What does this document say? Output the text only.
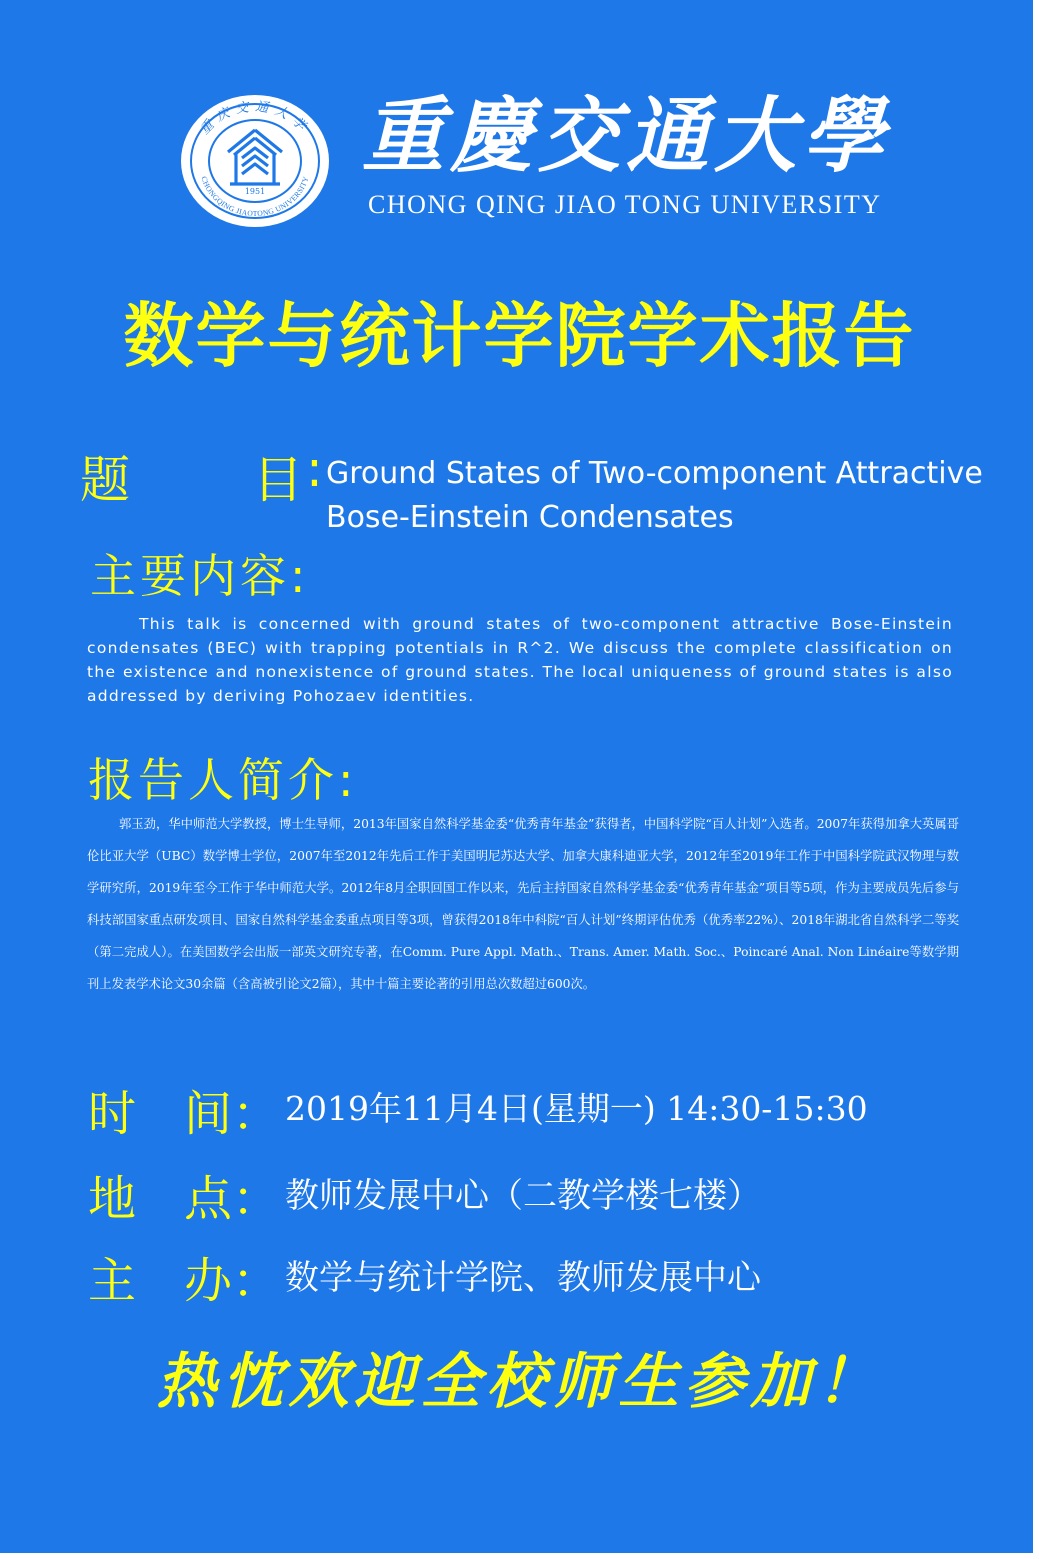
重庆交通大学
CHONGQING JIAOTONG UNIVERSITY
1951
重慶交通大學
CHONG QING JIAO TONG UNIVERSITY
数学与统计学院学术报告
题 目 : Ground States of Two-component Attractive
Bose-Einstein Condensates
主要内容:
This talk is concerned with ground states of two-component attractive Bose-Einstein condensates (BEC) with trapping potentials in R^2. We discuss the complete classification on the existence and nonexistence of ground states. The local uniqueness of ground states is also addressed by deriving Pohozaev identities.
报告人简介:
郭玉劲，华中师范大学教授，博士生导师，2013年国家自然科学基金委“优秀青年基金”获得者，中国科学院“百人计划”入选者。2007年获得加拿大英属哥伦比亚大学（UBC）数学博士学位，2007年至2012年先后工作于美国明尼苏达大学、加拿大康科迪亚大学，2012年至2019年工作于中国科学院武汉物理与数学研究所，2019年至今工作于华中师范大学。2012年8月全职回国工作以来，先后主持国家自然科学基金委“优秀青年基金”项目等5项，作为主要成员先后参与科技部国家重点研发项目、国家自然科学基金委重点项目等3项，曾获得2018年中科院“百人计划”终期评估优秀（优秀率22%）、2018年湖北省自然科学二等奖（第二完成人）。在美国数学会出版一部英文研究专著，在Comm. Pure Appl. Math.、Trans. Amer. Math. Soc.、Poincaré Anal. Non Linéaire等数学期刊上发表学术论文30余篇（含高被引论文2篇），其中十篇主要论著的引用总次数超过600次。
时　间： 2019年11月4日(星期一) 14:30-15:30
地　点： 教师发展中心（二教学楼七楼）
主　办： 数学与统计学院、教师发展中心
热忱欢迎全校师生参加！
